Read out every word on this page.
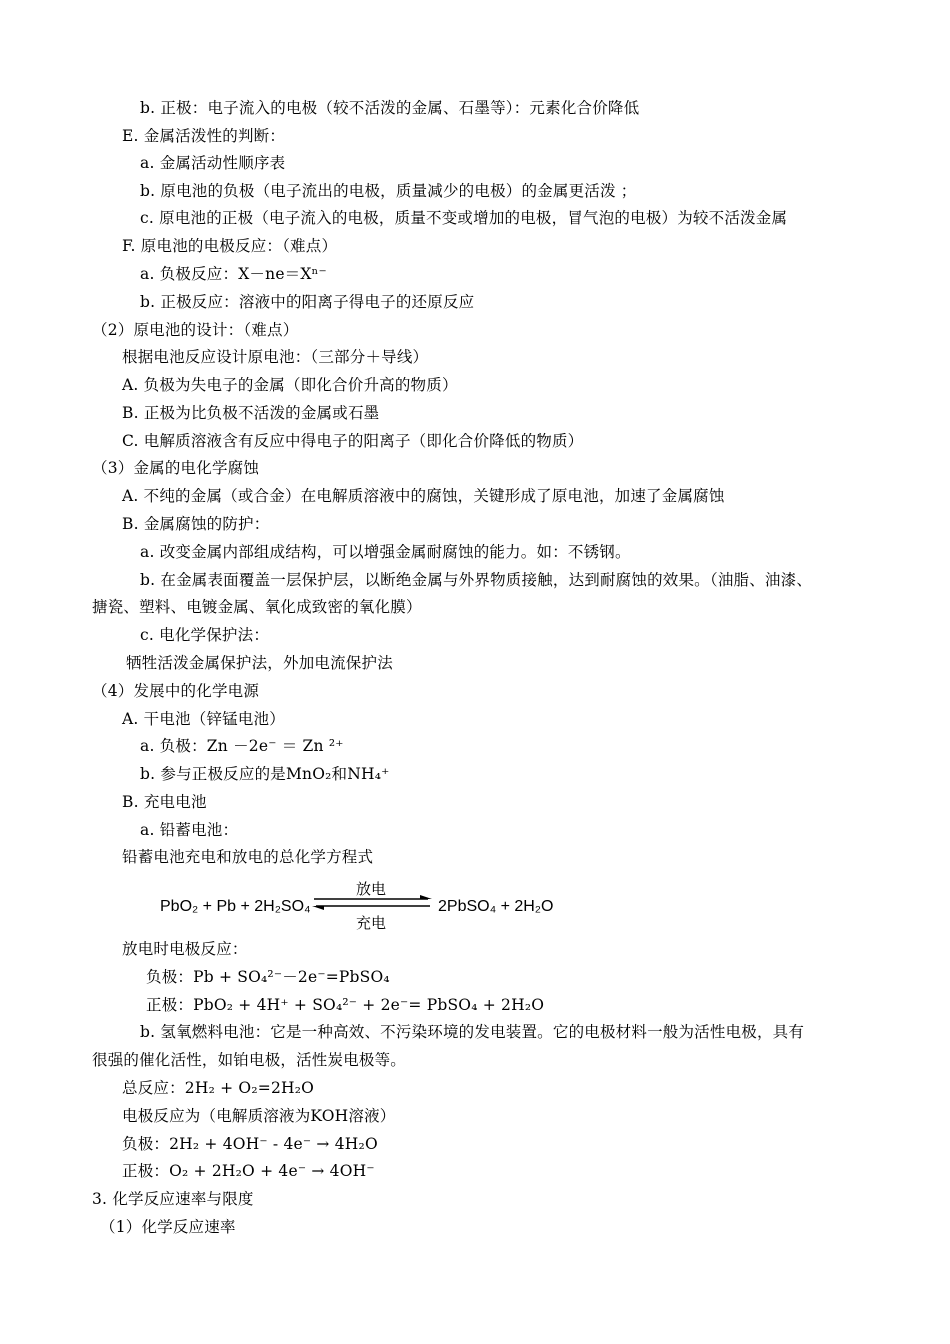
b. 正极：电子流入的电极（较不活泼的金属、石墨等）：元素化合价降低
E. 金属活泼性的判断：
a. 金属活动性顺序表
b. 原电池的负极（电子流出的电极，质量减少的电极）的金属更活泼 ；
c. 原电池的正极（电子流入的电极，质量不变或增加的电极，冒气泡的电极）为较不活泼金属
F. 原电池的电极反应：（难点）
a. 负极反应：X－ne＝Xⁿ⁻
b. 正极反应：溶液中的阳离子得电子的还原反应
（2）原电池的设计：（难点）
根据电池反应设计原电池：（三部分＋导线）
A. 负极为失电子的金属（即化合价升高的物质）
B. 正极为比负极不活泼的金属或石墨
C. 电解质溶液含有反应中得电子的阳离子（即化合价降低的物质）
（3）金属的电化学腐蚀
A. 不纯的金属（或合金）在电解质溶液中的腐蚀，关键形成了原电池，加速了金属腐蚀
B. 金属腐蚀的防护：
a. 改变金属内部组成结构，可以增强金属耐腐蚀的能力。如：不锈钢。
b. 在金属表面覆盖一层保护层，以断绝金属与外界物质接触，达到耐腐蚀的效果。（油脂、油漆、
搪瓷、塑料、电镀金属、氧化成致密的氧化膜）
c. 电化学保护法：
牺牲活泼金属保护法，外加电流保护法
（4）发展中的化学电源
A. 干电池（锌锰电池）
a. 负极：Zn －2e⁻ ＝ Zn ²⁺
b. 参与正极反应的是MnO₂和NH₄⁺
B. 充电电池
a. 铅蓄电池：
铅蓄电池充电和放电的总化学方程式
PbO₂ + Pb + 2H₂SO₄
放电
充电
2PbSO₄ + 2H₂O
放电时电极反应：
负极：Pb + SO₄²⁻－2e⁻=PbSO₄
正极：PbO₂ + 4H⁺ + SO₄²⁻ + 2e⁻= PbSO₄ + 2H₂O
b. 氢氧燃料电池：它是一种高效、不污染环境的发电装置。它的电极材料一般为活性电极，具有
很强的催化活性，如铂电极，活性炭电极等。
总反应：2H₂ + O₂=2H₂O
电极反应为（电解质溶液为KOH溶液）
负极：2H₂ + 4OH⁻ - 4e⁻ → 4H₂O
正极：O₂ + 2H₂O + 4e⁻ → 4OH⁻
3. 化学反应速率与限度
（1）化学反应速率
